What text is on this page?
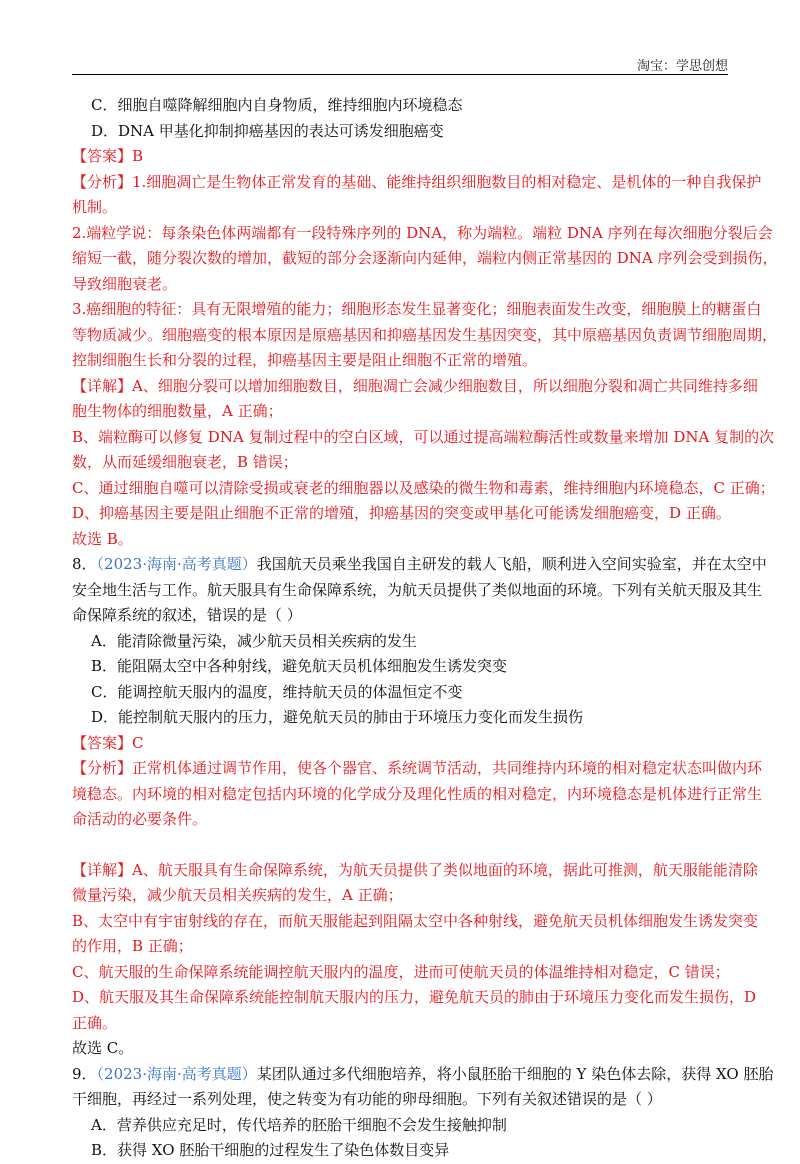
淘宝：学思创想

C．细胞自噬降解细胞内自身物质，维持细胞内环境稳态

D．DNA 甲基化抑制抑癌基因的表达可诱发细胞癌变

【答案】B

【分析】1.细胞凋亡是生物体正常发育的基础、能维持组织细胞数目的相对稳定、是机体的一种自我保护

机制。

2.端粒学说：每条染色体两端都有一段特殊序列的 DNA，称为端粒。端粒 DNA 序列在每次细胞分裂后会

缩短一截，随分裂次数的增加，截短的部分会逐渐向内延伸，端粒内侧正常基因的 DNA 序列会受到损伤，

导致细胞衰老。

3.癌细胞的特征：具有无限增殖的能力；细胞形态发生显著变化；细胞表面发生改变，细胞膜上的糖蛋白

等物质减少。细胞癌变的根本原因是原癌基因和抑癌基因发生基因突变，其中原癌基因负责调节细胞周期，

控制细胞生长和分裂的过程，抑癌基因主要是阻止细胞不正常的增殖。

【详解】A、细胞分裂可以增加细胞数目，细胞凋亡会减少细胞数目，所以细胞分裂和凋亡共同维持多细

胞生物体的细胞数量，A 正确；

B、端粒酶可以修复 DNA 复制过程中的空白区域，可以通过提高端粒酶活性或数量来增加 DNA 复制的次

数，从而延缓细胞衰老，B 错误；

C、通过细胞自噬可以清除受损或衰老的细胞器以及感染的微生物和毒素，维持细胞内环境稳态，C 正确；

D、抑癌基因主要是阻止细胞不正常的增殖，抑癌基因的突变或甲基化可能诱发细胞癌变，D 正确。

故选 B。

8．（2023·海南·高考真题）我国航天员乘坐我国自主研发的载人飞船，顺利进入空间实验室，并在太空中

安全地生活与工作。航天服具有生命保障系统，为航天员提供了类似地面的环境。下列有关航天服及其生

命保障系统的叙述，错误的是（ ）

A．能清除微量污染，减少航天员相关疾病的发生

B．能阻隔太空中各种射线，避免航天员机体细胞发生诱发突变

C．能调控航天服内的温度，维持航天员的体温恒定不变

D．能控制航天服内的压力，避免航天员的肺由于环境压力变化而发生损伤

【答案】C

【分析】正常机体通过调节作用，使各个器官、系统调节活动，共同维持内环境的相对稳定状态叫做内环

境稳态。内环境的相对稳定包括内环境的化学成分及理化性质的相对稳定，内环境稳态是机体进行正常生

命活动的必要条件。

【详解】A、航天服具有生命保障系统，为航天员提供了类似地面的环境，据此可推测，航天服能能清除

微量污染，减少航天员相关疾病的发生，A 正确；

B、太空中有宇宙射线的存在，而航天服能起到阻隔太空中各种射线，避免航天员机体细胞发生诱发突变

的作用，B 正确；

C、航天服的生命保障系统能调控航天服内的温度，进而可使航天员的体温维持相对稳定，C 错误；

D、航天服及其生命保障系统能控制航天服内的压力，避免航天员的肺由于环境压力变化而发生损伤，D

正确。

故选 C。

9．（2023·海南·高考真题）某团队通过多代细胞培养，将小鼠胚胎干细胞的 Y 染色体去除，获得 XO 胚胎

干细胞，再经过一系列处理，使之转变为有功能的卵母细胞。下列有关叙述错误的是（ ）

A．营养供应充足时，传代培养的胚胎干细胞不会发生接触抑制

B．获得 XO 胚胎干细胞的过程发生了染色体数目变异
